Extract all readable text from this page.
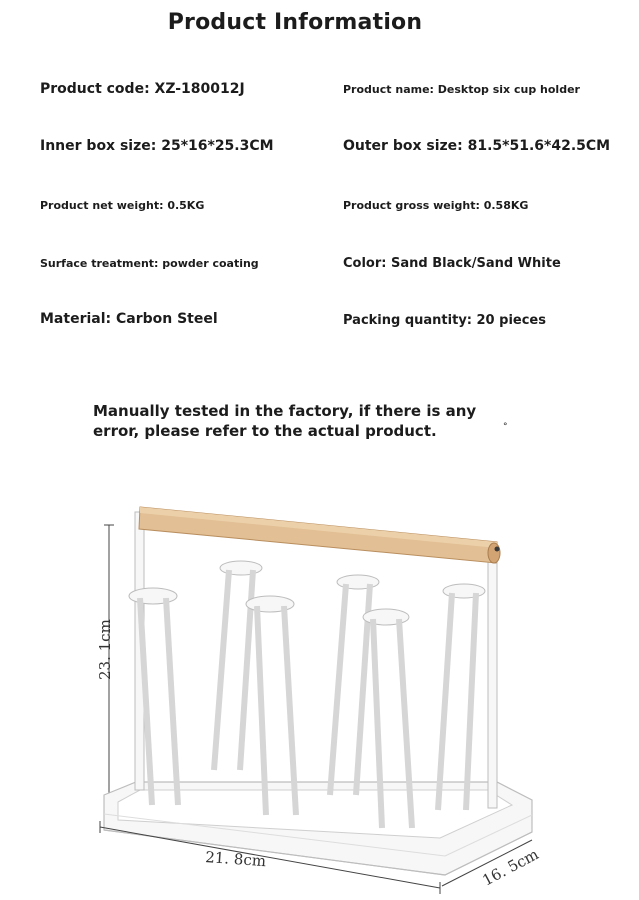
Product Information
Product code: XZ-180012J	Product name: Desktop six cup holder
Inner box size: 25*16*25.3CM	Outer box size: 81.5*51.6*42.5CM
Product net weight: 0.5KG	Product gross weight: 0.58KG
Surface treatment: powder coating	Color: Sand Black/Sand White
Material: Carbon Steel	Packing quantity: 20 pieces
Manually tested in the factory, if there is any error, please refer to the actual product.	°
23. 1cm
21. 8cm	16. 5cm
